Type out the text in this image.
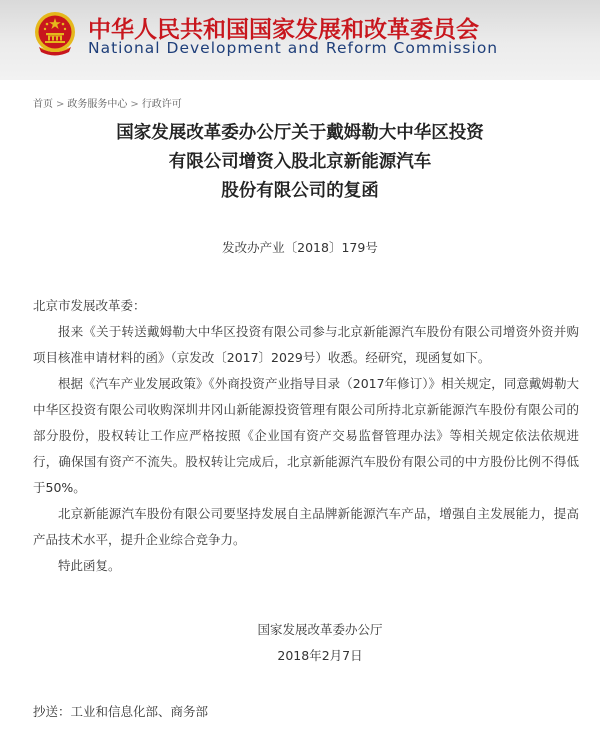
中华人民共和国国家发展和改革委员会
National Development and Reform Commission
首页 > 政务服务中心 > 行政许可
国家发展改革委办公厅关于戴姆勒大中华区投资
有限公司增资入股北京新能源汽车
股份有限公司的复函
发改办产业〔2018〕179号

北京市发展改革委：

报来《关于转送戴姆勒大中华区投资有限公司参与北京新能源汽车股份有限公司增资外资并购项目核准申请材料的函》（京发改〔2017〕2029号）收悉。经研究，现函复如下。

根据《汽车产业发展政策》《外商投资产业指导目录（2017年修订）》相关规定，同意戴姆勒大中华区投资有限公司收购深圳井冈山新能源投资管理有限公司所持北京新能源汽车股份有限公司的部分股份，股权转让工作应严格按照《企业国有资产交易监督管理办法》等相关规定依法依规进行，确保国有资产不流失。股权转让完成后，北京新能源汽车股份有限公司的中方股份比例不得低于50%。

北京新能源汽车股份有限公司要坚持发展自主品牌新能源汽车产品，增强自主发展能力，提高产品技术水平，提升企业综合竞争力。

特此函复。

国家发展改革委办公厅
2018年2月7日
抄送：工业和信息化部、商务部
